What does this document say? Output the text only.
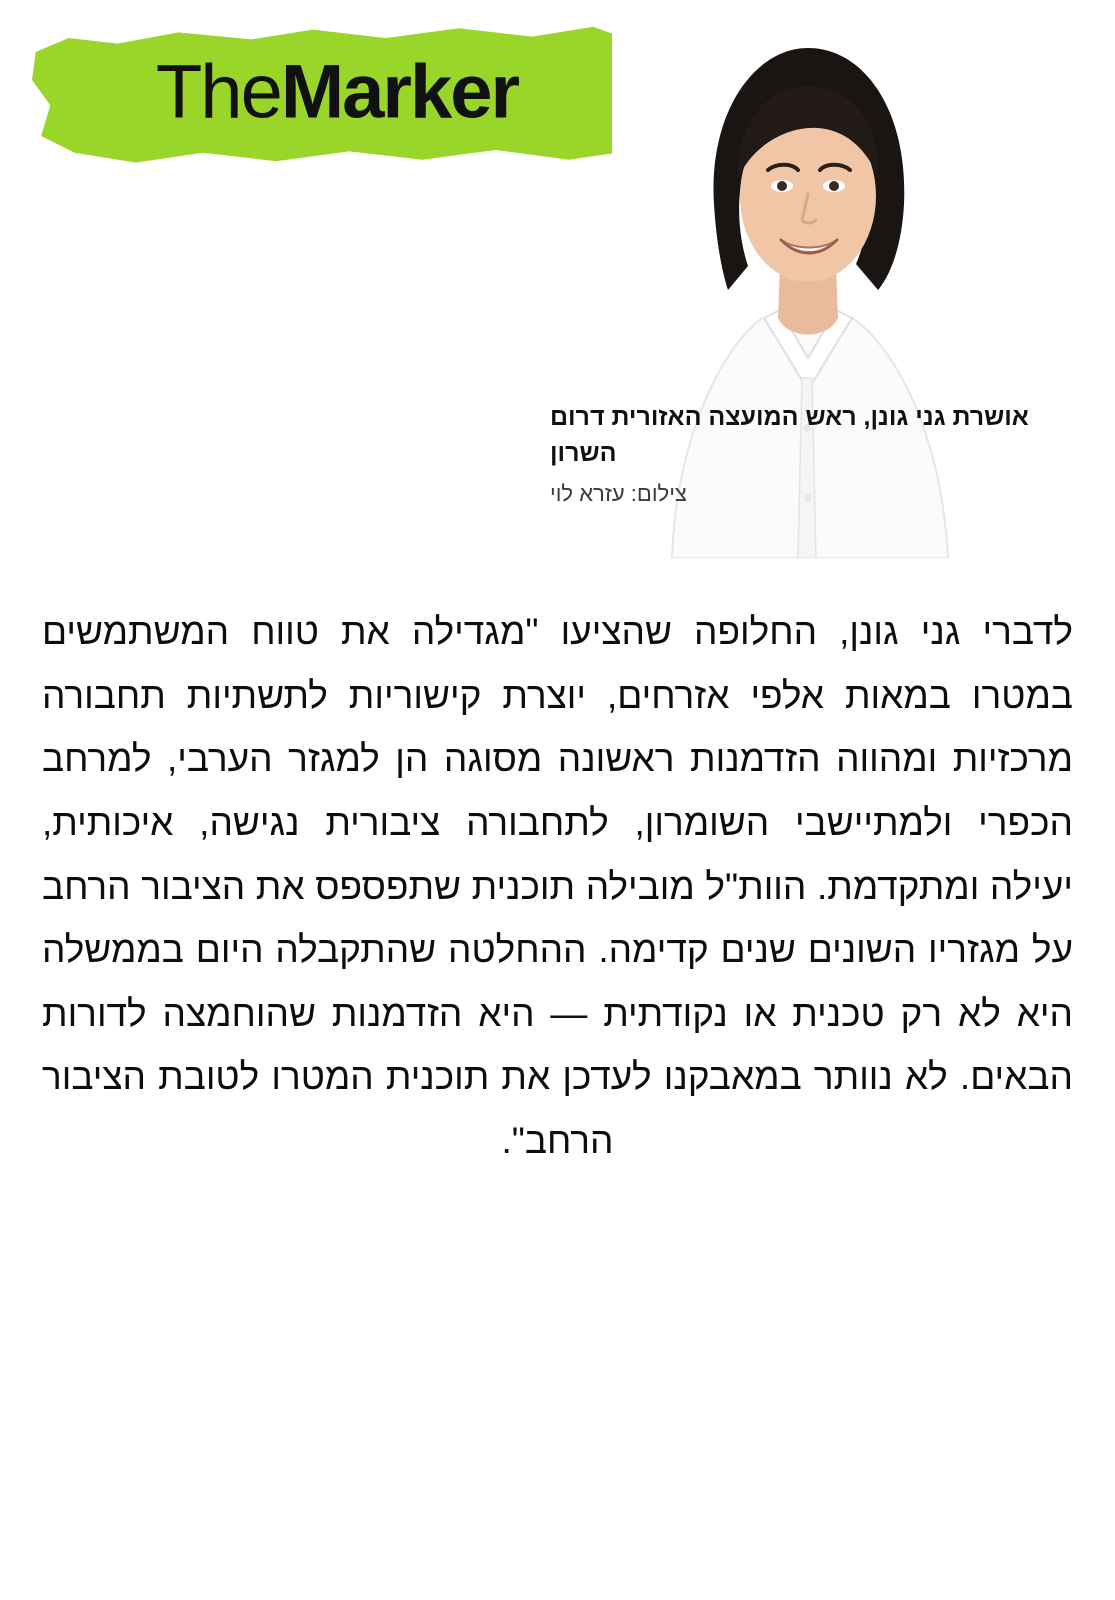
TheMarker

אושרת גני גונן, ראש המועצה האזורית דרום השרון

צילום: עזרא לוי

לדברי גני גונן, החלופה שהציעו "מגדילה את טווח המשתמשים במטרו במאות אלפי אזרחים, יוצרת קישוריות לתשתיות תחבורה מרכזיות ומהווה הזדמנות ראשונה מסוגה הן למגזר הערבי, למרחב הכפרי ולמתיישבי השומרון, לתחבורה ציבורית נגישה, איכותית, יעילה ומתקדמת. הוות"ל מובילה תוכנית שתפספס את הציבור הרחב על מגזריו השונים שנים קדימה. ההחלטה שהתקבלה היום בממשלה היא לא רק טכנית או נקודתית — היא הזדמנות שהוחמצה לדורות הבאים. לא נוותר במאבקנו לעדכן את תוכנית המטרו לטובת הציבור הרחב".
